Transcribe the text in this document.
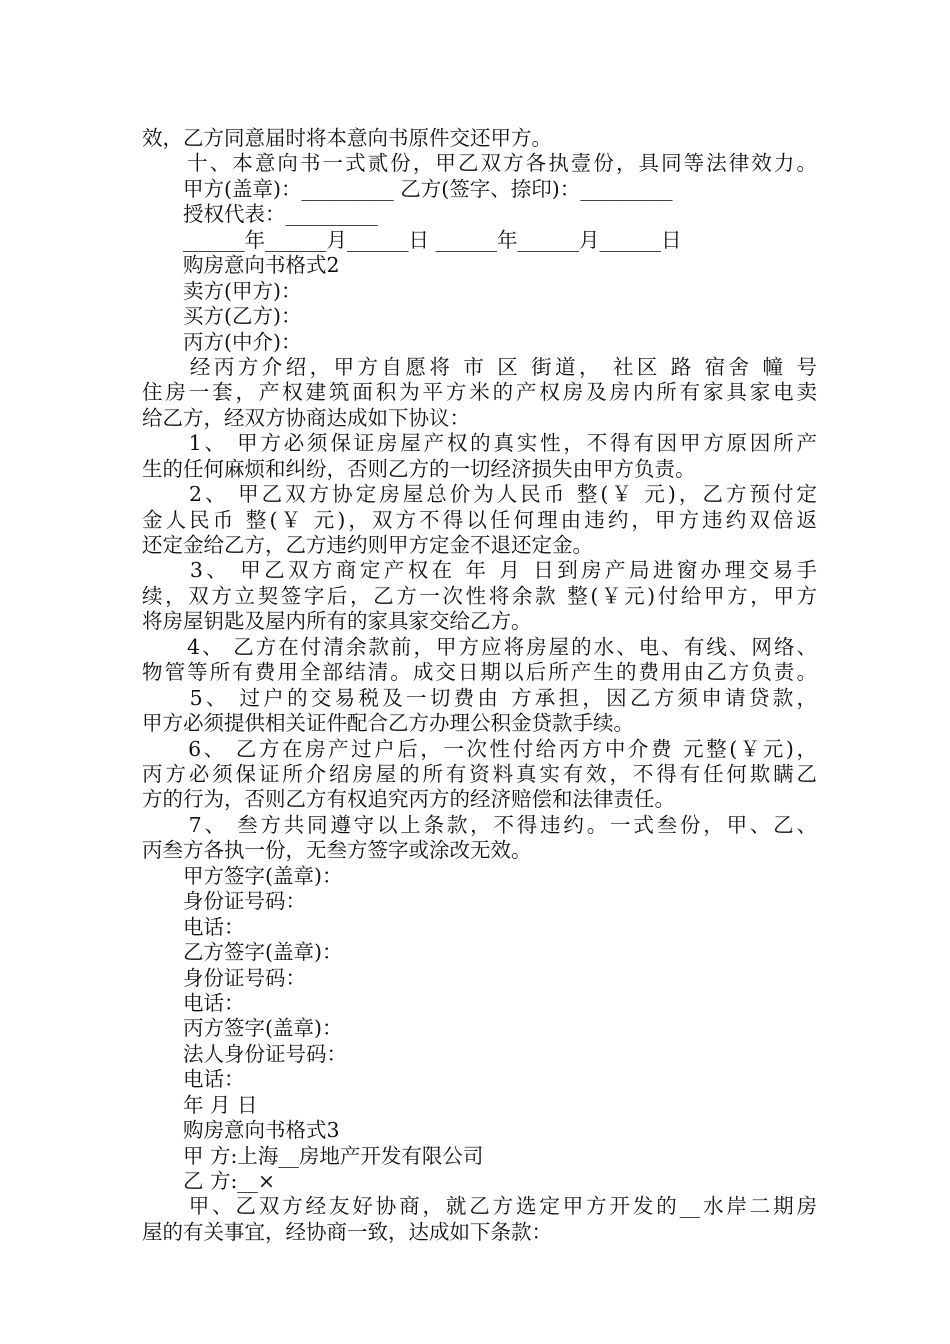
效，乙方同意届时将本意向书原件交还甲方。

　　十、本意向书一式贰份，甲乙双方各执壹份，具同等法律效力。

　　甲方(盖章)：_________ 乙方(签字、捺印)：_________

　　授权代表：_________

　　______年______月______日 ______年______月______日

　　购房意向书格式2

　　卖方(甲方)：

　　买方(乙方)：

　　丙方(中介)：

　　经丙方介绍，甲方自愿将 市 区 街道， 社区 路 宿舍 幢 号

住房一套，产权建筑面积为平方米的产权房及房内所有家具家电卖

给乙方，经双方协商达成如下协议：

　　1、 甲方必须保证房屋产权的真实性，不得有因甲方原因所产

生的任何麻烦和纠纷，否则乙方的一切经济损失由甲方负责。

　　2、 甲乙双方协定房屋总价为人民币 整(￥ 元)，乙方预付定

金人民币 整(￥ 元)，双方不得以任何理由违约，甲方违约双倍返

还定金给乙方，乙方违约则甲方定金不退还定金。

　　3、 甲乙双方商定产权在 年 月 日到房产局进窗办理交易手

续，双方立契签字后，乙方一次性将余款 整(￥元)付给甲方，甲方

将房屋钥匙及屋内所有的家具家交给乙方。

　　4、 乙方在付清余款前，甲方应将房屋的水、电、有线、网络、

物管等所有费用全部结清。成交日期以后所产生的费用由乙方负责。

　　5、 过户的交易税及一切费由 方承担，因乙方须申请贷款，

甲方必须提供相关证件配合乙方办理公积金贷款手续。

　　6、 乙方在房产过户后，一次性付给丙方中介费 元整(￥元)，

丙方必须保证所介绍房屋的所有资料真实有效，不得有任何欺瞒乙

方的行为，否则乙方有权追究丙方的经济赔偿和法律责任。

　　7、 叁方共同遵守以上条款，不得违约。一式叁份，甲、乙、

丙叁方各执一份，无叁方签字或涂改无效。

　　甲方签字(盖章)：

　　身份证号码：

　　电话：

　　乙方签字(盖章)：

　　身份证号码：

　　电话：

　　丙方签字(盖章)：

　　法人身份证号码：

　　电话：

　　年 月 日

　　购房意向书格式3

　　甲 方:上海__房地产开发有限公司

　　乙 方:__×

　　甲、乙双方经友好协商，就乙方选定甲方开发的__水岸二期房

屋的有关事宜，经协商一致，达成如下条款：
